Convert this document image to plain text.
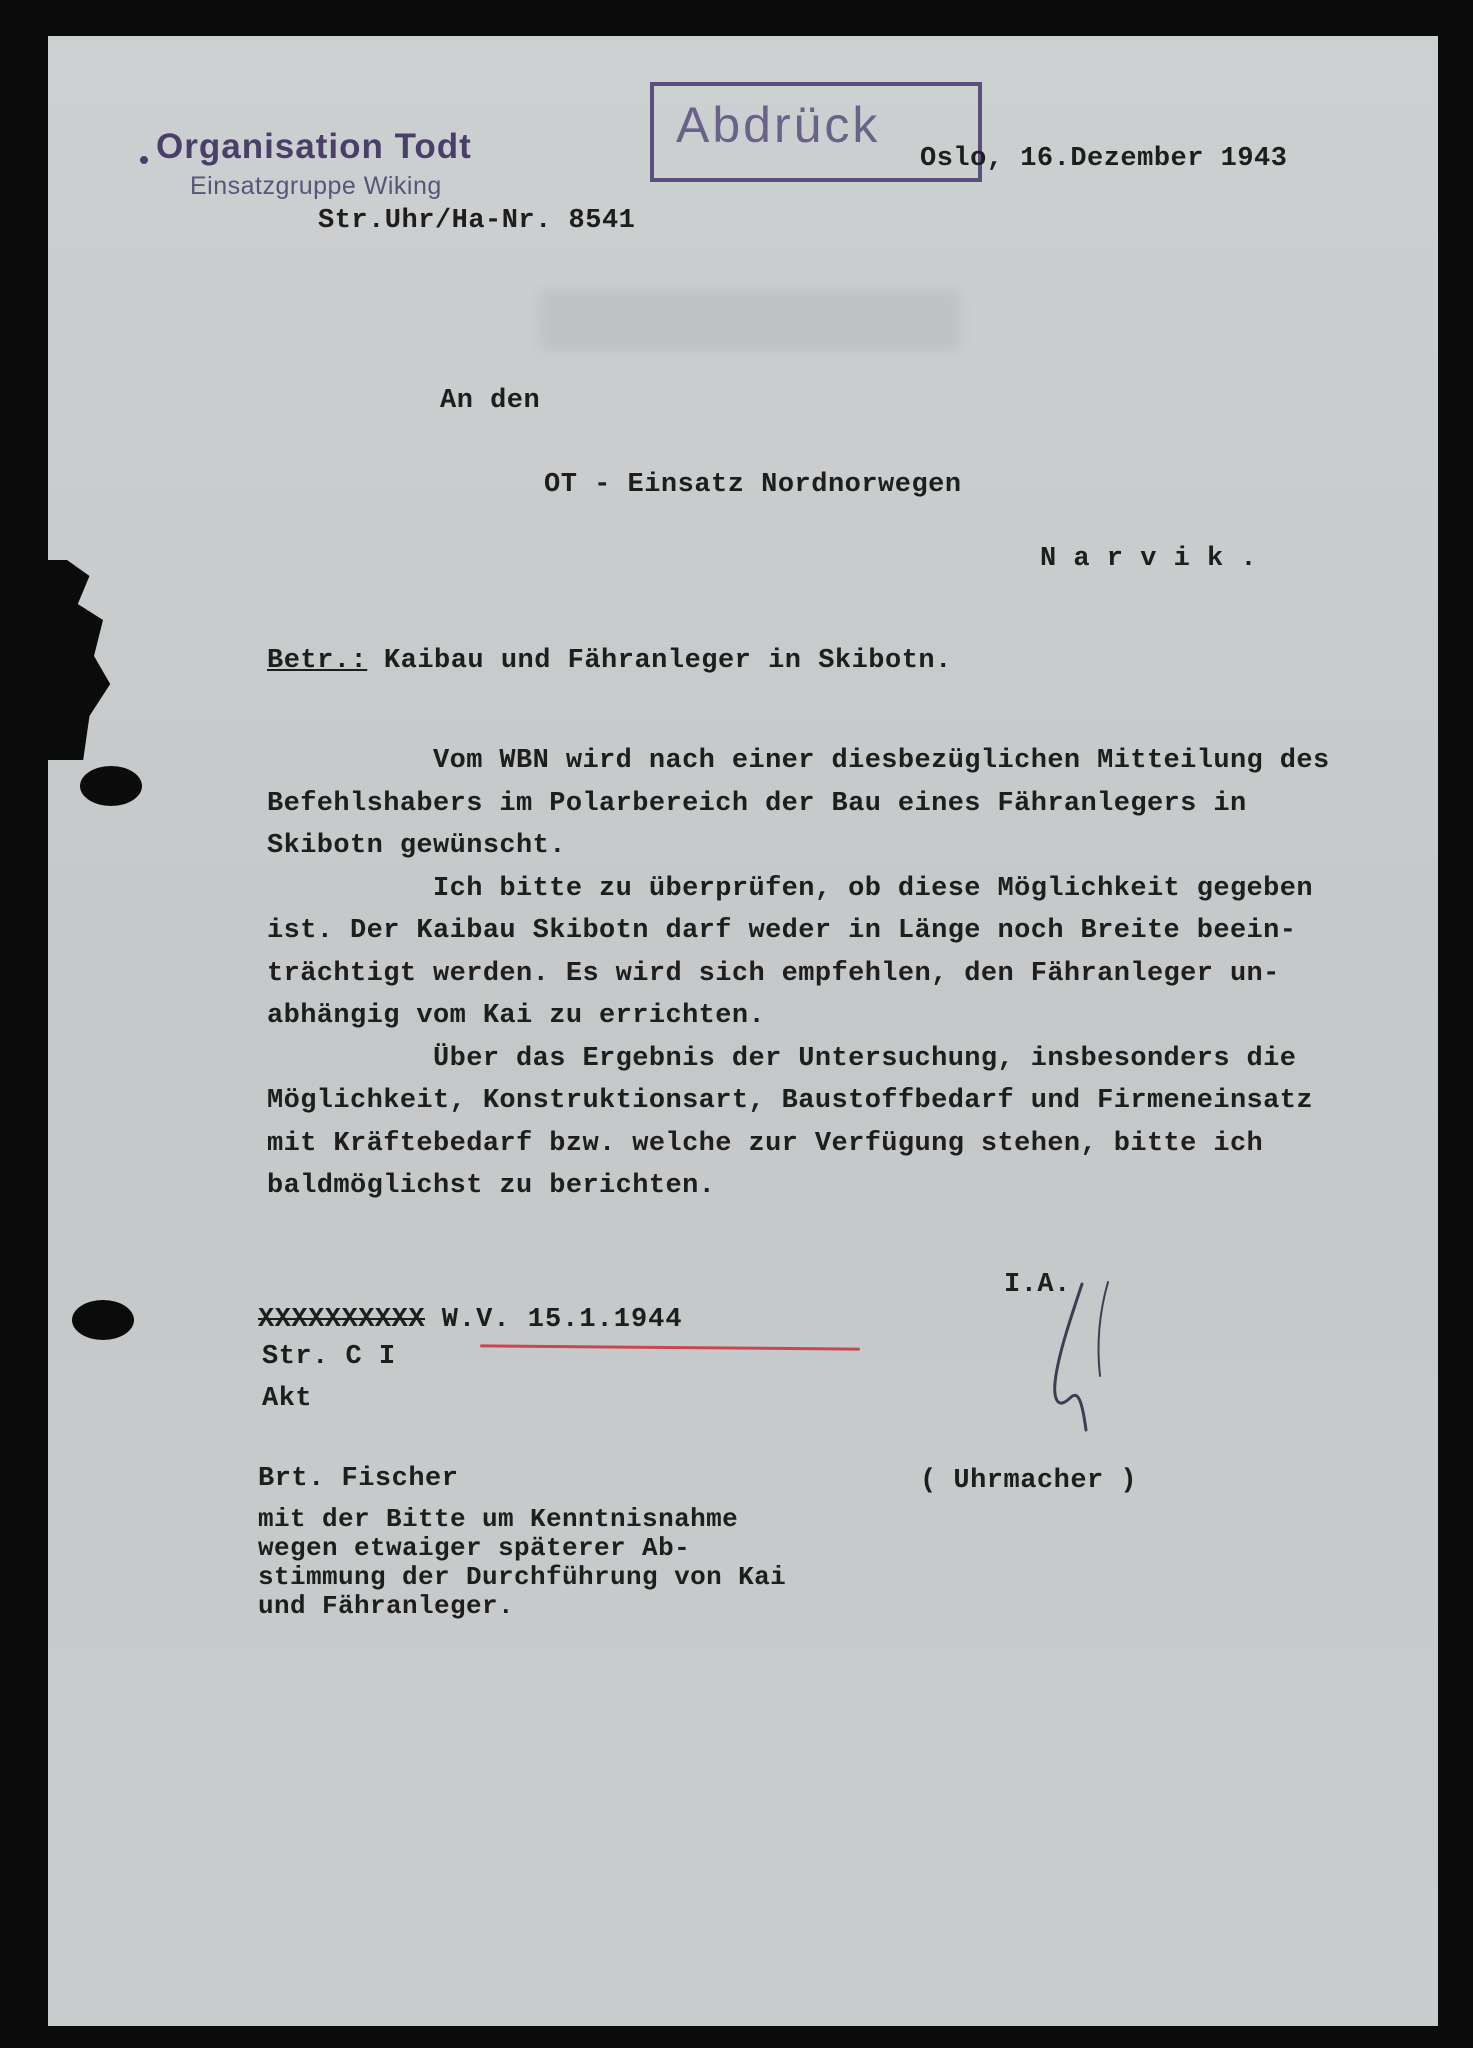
Organisation Todt
Einsatzgruppe Wiking
Str.Uhr/Ha-Nr. 8541
Abdrück
Oslo, 16.Dezember 1943
An den
OT - Einsatz Nordnorwegen
N a r v i k .
Betr.: Kaibau und Fähranleger in Skibotn.
Vom WBN wird nach einer diesbezüglichen Mitteilung des
Befehlshabers im Polarbereich der Bau eines Fähranlegers in
Skibotn gewünscht.
Ich bitte zu überprüfen, ob diese Möglichkeit gegeben
ist. Der Kaibau Skibotn darf weder in Länge noch Breite beein-
trächtigt werden. Es wird sich empfehlen, den Fähranleger un-
abhängig vom Kai zu errichten.
Über das Ergebnis der Untersuchung, insbesonders die
Möglichkeit, Konstruktionsart, Baustoffbedarf und Firmeneinsatz
mit Kräftebedarf bzw. welche zur Verfügung stehen, bitte ich
baldmöglichst zu berichten.
I.A.
( Uhrmacher )
XXXXXXXXXX W.V. 15.1.1944
Str. C I
Akt
Brt. Fischer
mit der Bitte um Kenntnisnahme
wegen etwaiger späterer Ab-
stimmung der Durchführung von Kai
und Fähranleger.
